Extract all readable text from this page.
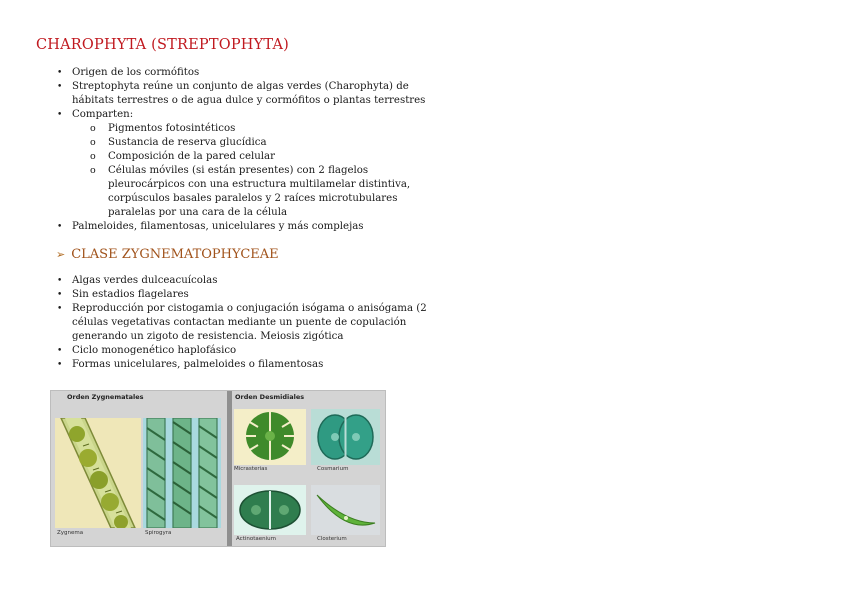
CHAROPHYTA (STREPTOPHYTA)
• Origen de los cormófitos
• Streptophyta reúne un conjunto de algas verdes (Charophyta) de
hábitats terrestres o de agua dulce y cormófitos o plantas terrestres
• Comparten:
o Pigmentos fotosintéticos
o Sustancia de reserva glucídica
o Composición de la pared celular
o Células móviles (si están presentes) con 2 flagelos
pleurocárpicos con una estructura multilamelar distintiva,
corpúsculos basales paralelos y 2 raíces microtubulares
paralelas por una cara de la célula
• Palmeloides, filamentosas, unicelulares y más complejas
➢ CLASE ZYGNEMATOPHYCEAE
• Algas verdes dulceacuícolas
• Sin estadios flagelares
• Reproducción por cistogamia o conjugación isógama o anisógama (2
células vegetativas contactan mediante un puente de copulación
generando un zigoto de resistencia. Meiosis zigótica
• Ciclo monogenético haplofásico
• Formas unicelulares, palmeloides o filamentosas
Orden Zygnematales	Orden Desmidiales
Zygnema	Spirogyra
Micrasterias	Cosmarium
Actinotaenium	Closterium
